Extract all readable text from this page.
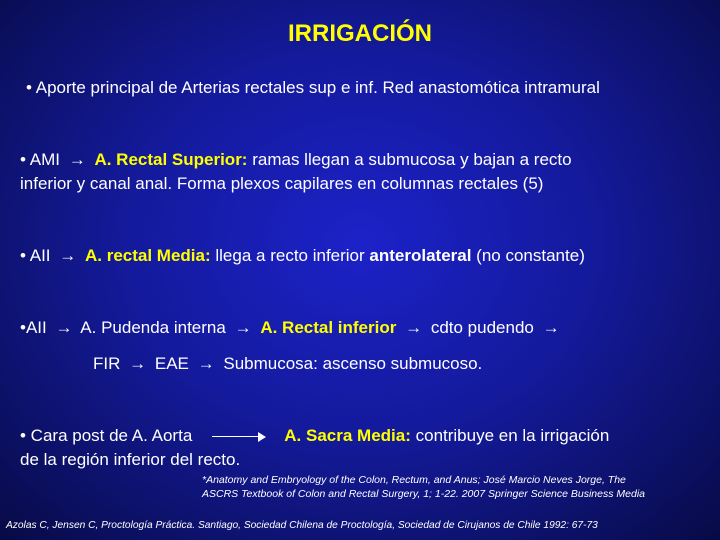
IRRIGACIÓN
• Aporte principal de Arterias rectales sup e inf. Red anastomótica intramural
• AMI → A. Rectal Superior: ramas llegan a submucosa y bajan a recto
inferior y canal anal. Forma plexos capilares en columnas rectales (5)
• AII → A. rectal Media: llega a recto inferior anterolateral (no constante)
•AII → A. Pudenda interna → A. Rectal inferior → cdto pudendo →
FIR → EAE → Submucosa: ascenso submucoso.
• Cara post de A. Aorta	A. Sacra Media: contribuye en la irrigación
de la región inferior del recto.
*Anatomy and Embryology of the Colon, Rectum, and Anus; José Marcio Neves Jorge, The
ASCRS Textbook of Colon and Rectal Surgery, 1; 1-22. 2007 Springer Science Business Media
Azolas C, Jensen C, Proctología Práctica. Santiago, Sociedad Chilena de Proctología, Sociedad de Cirujanos de Chile 1992: 67-73
